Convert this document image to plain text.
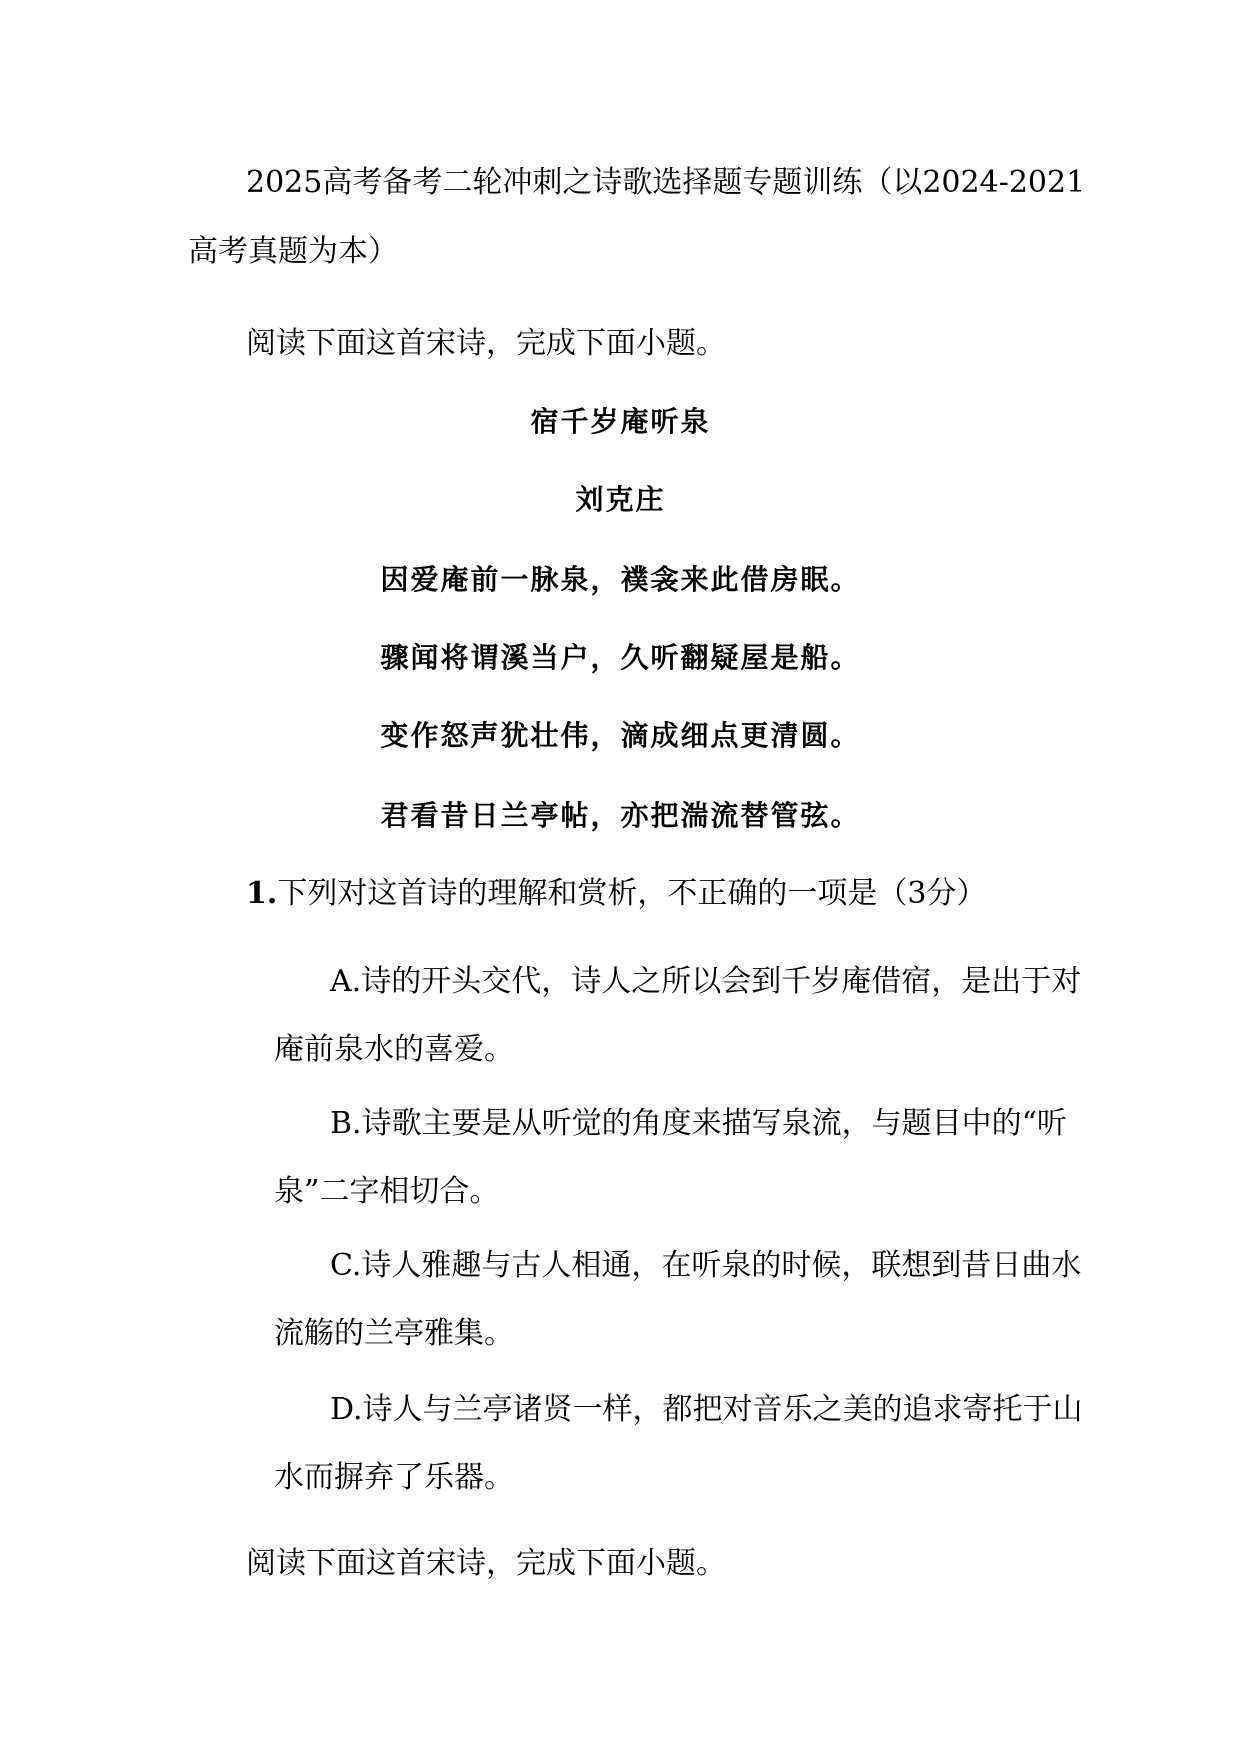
2025高考备考二轮冲刺之诗歌选择题专题训练（以2024-2021
高考真题为本）
阅读下面这首宋诗，完成下面小题。
宿千岁庵听泉
刘克庄
因爱庵前一脉泉，襆衾来此借房眠。
骤闻将谓溪当户，久听翻疑屋是船。
变作怒声犹壮伟，滴成细点更清圆。
君看昔日兰亭帖，亦把湍流替管弦。
1.下列对这首诗的理解和赏析，不正确的一项是（3分）
A.诗的开头交代，诗人之所以会到千岁庵借宿，是出于对
庵前泉水的喜爱。
B.诗歌主要是从听觉的角度来描写泉流，与题目中的“听
泉”二字相切合。
C.诗人雅趣与古人相通，在听泉的时候，联想到昔日曲水
流觞的兰亭雅集。
D.诗人与兰亭诸贤一样，都把对音乐之美的追求寄托于山
水而摒弃了乐器。
阅读下面这首宋诗，完成下面小题。
